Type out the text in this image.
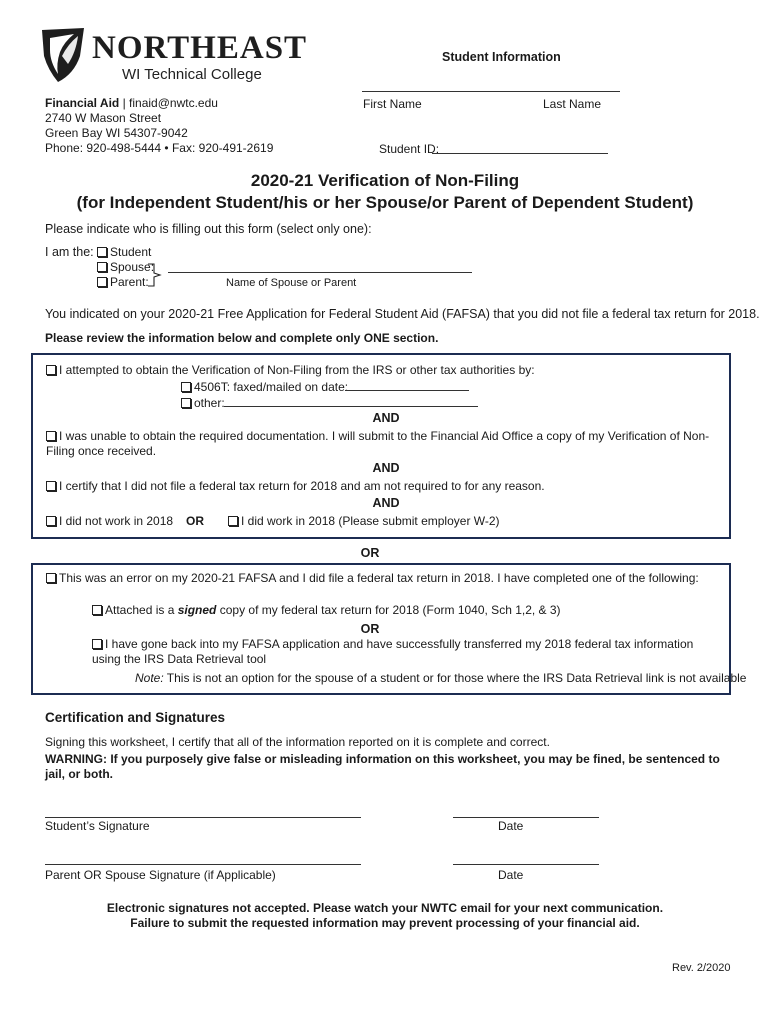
NORTHEAST
WI Technical College
Financial Aid | finaid@nwtc.edu
2740 W Mason Street
Green Bay WI 54307-9042
Phone: 920-498-5444 • Fax: 920-491-2619
Student Information
First Name	Last Name
Student ID:
2020-21 Verification of Non-Filing
(for Independent Student/his or her Spouse/or Parent of Dependent Student)
Please indicate who is filling out this form (select only one):
I am the:	Student
Spouse:
Parent:	Name of Spouse or Parent
You indicated on your 2020-21 Free Application for Federal Student Aid (FAFSA) that you did not file a federal tax return for 2018.
Please review the information below and complete only ONE section.
I attempted to obtain the Verification of Non-Filing from the IRS or other tax authorities by:
4506T: faxed/mailed on date:
other:
AND
I was unable to obtain the required documentation. I will submit to the Financial Aid Office a copy of my Verification of Non-Filing once received.
AND
I certify that I did not file a federal tax return for 2018 and am not required to for any reason.
AND
I did not work in 2018 OR	I did work in 2018 (Please submit employer W-2)
OR
This was an error on my 2020-21 FAFSA and I did file a federal tax return in 2018. I have completed one of the following:
Attached is a signed copy of my federal tax return for 2018 (Form 1040, Sch 1,2, & 3)
OR
I have gone back into my FAFSA application and have successfully transferred my 2018 federal tax information using the IRS Data Retrieval tool
Note: This is not an option for the spouse of a student or for those where the IRS Data Retrieval link is not available
Certification and Signatures
Signing this worksheet, I certify that all of the information reported on it is complete and correct.
WARNING: If you purposely give false or misleading information on this worksheet, you may be fined, be sentenced to jail, or both.
Student’s Signature	Date
Parent OR Spouse Signature (if Applicable)	Date
Electronic signatures not accepted. Please watch your NWTC email for your next communication.
Failure to submit the requested information may prevent processing of your financial aid.
Rev. 2/2020
